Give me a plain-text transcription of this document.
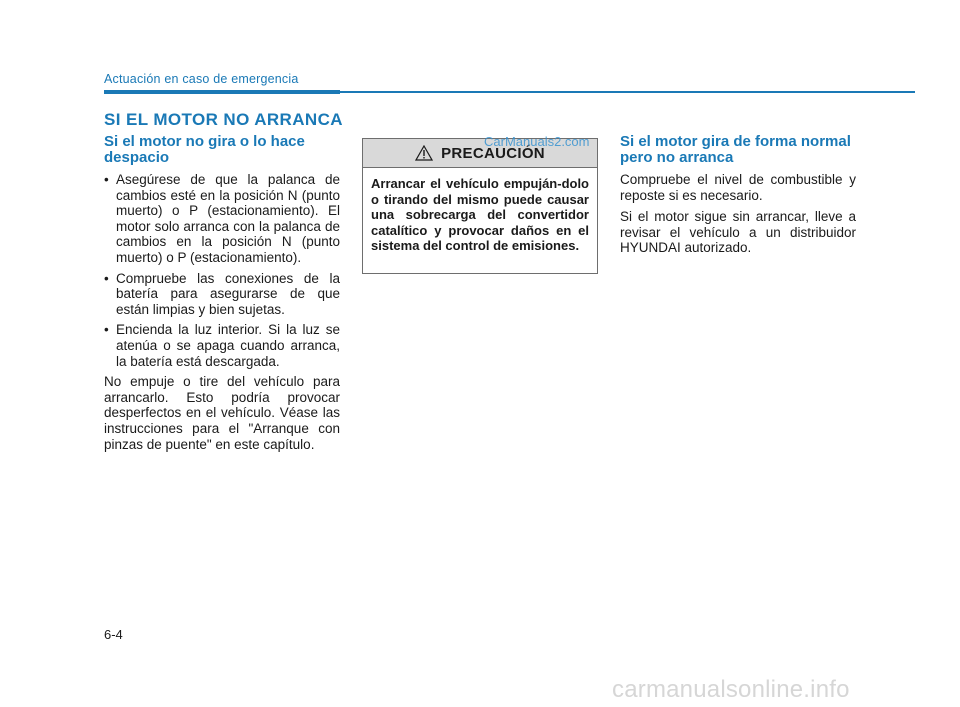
Actuación en caso de emergencia
SI EL MOTOR NO ARRANCA
Si el motor no gira o lo hace despacio
• Asegúrese de que la palanca de cambios esté en la posición N (punto muerto) o P (estacionamiento). El motor solo arranca con la palanca de cambios en la posición N (punto muerto) o P (estacionamiento).
• Compruebe las conexiones de la batería para asegurarse de que están limpias y bien sujetas.
• Encienda la luz interior. Si la luz se atenúa o se apaga cuando arranca, la batería está descargada.

No empuje o tire del vehículo para arrancarlo. Esto podría provocar desperfectos en el vehículo. Véase las instrucciones para el "Arranque con pinzas de puente" en este capítulo.

PRECAUCIÓN
Arrancar el vehículo empuján-dolo o tirando del mismo puede causar una sobrecarga del convertidor catalítico y provocar daños en el sistema del control de emisiones.
CarManuals2.com Si el motor gira de forma normal pero no arranca

Compruebe el nivel de combustible y reposte si es necesario.

Si el motor sigue sin arrancar, lleve a revisar el vehículo a un distribuidor HYUNDAI autorizado.

6-4
carmanualsonline.info
